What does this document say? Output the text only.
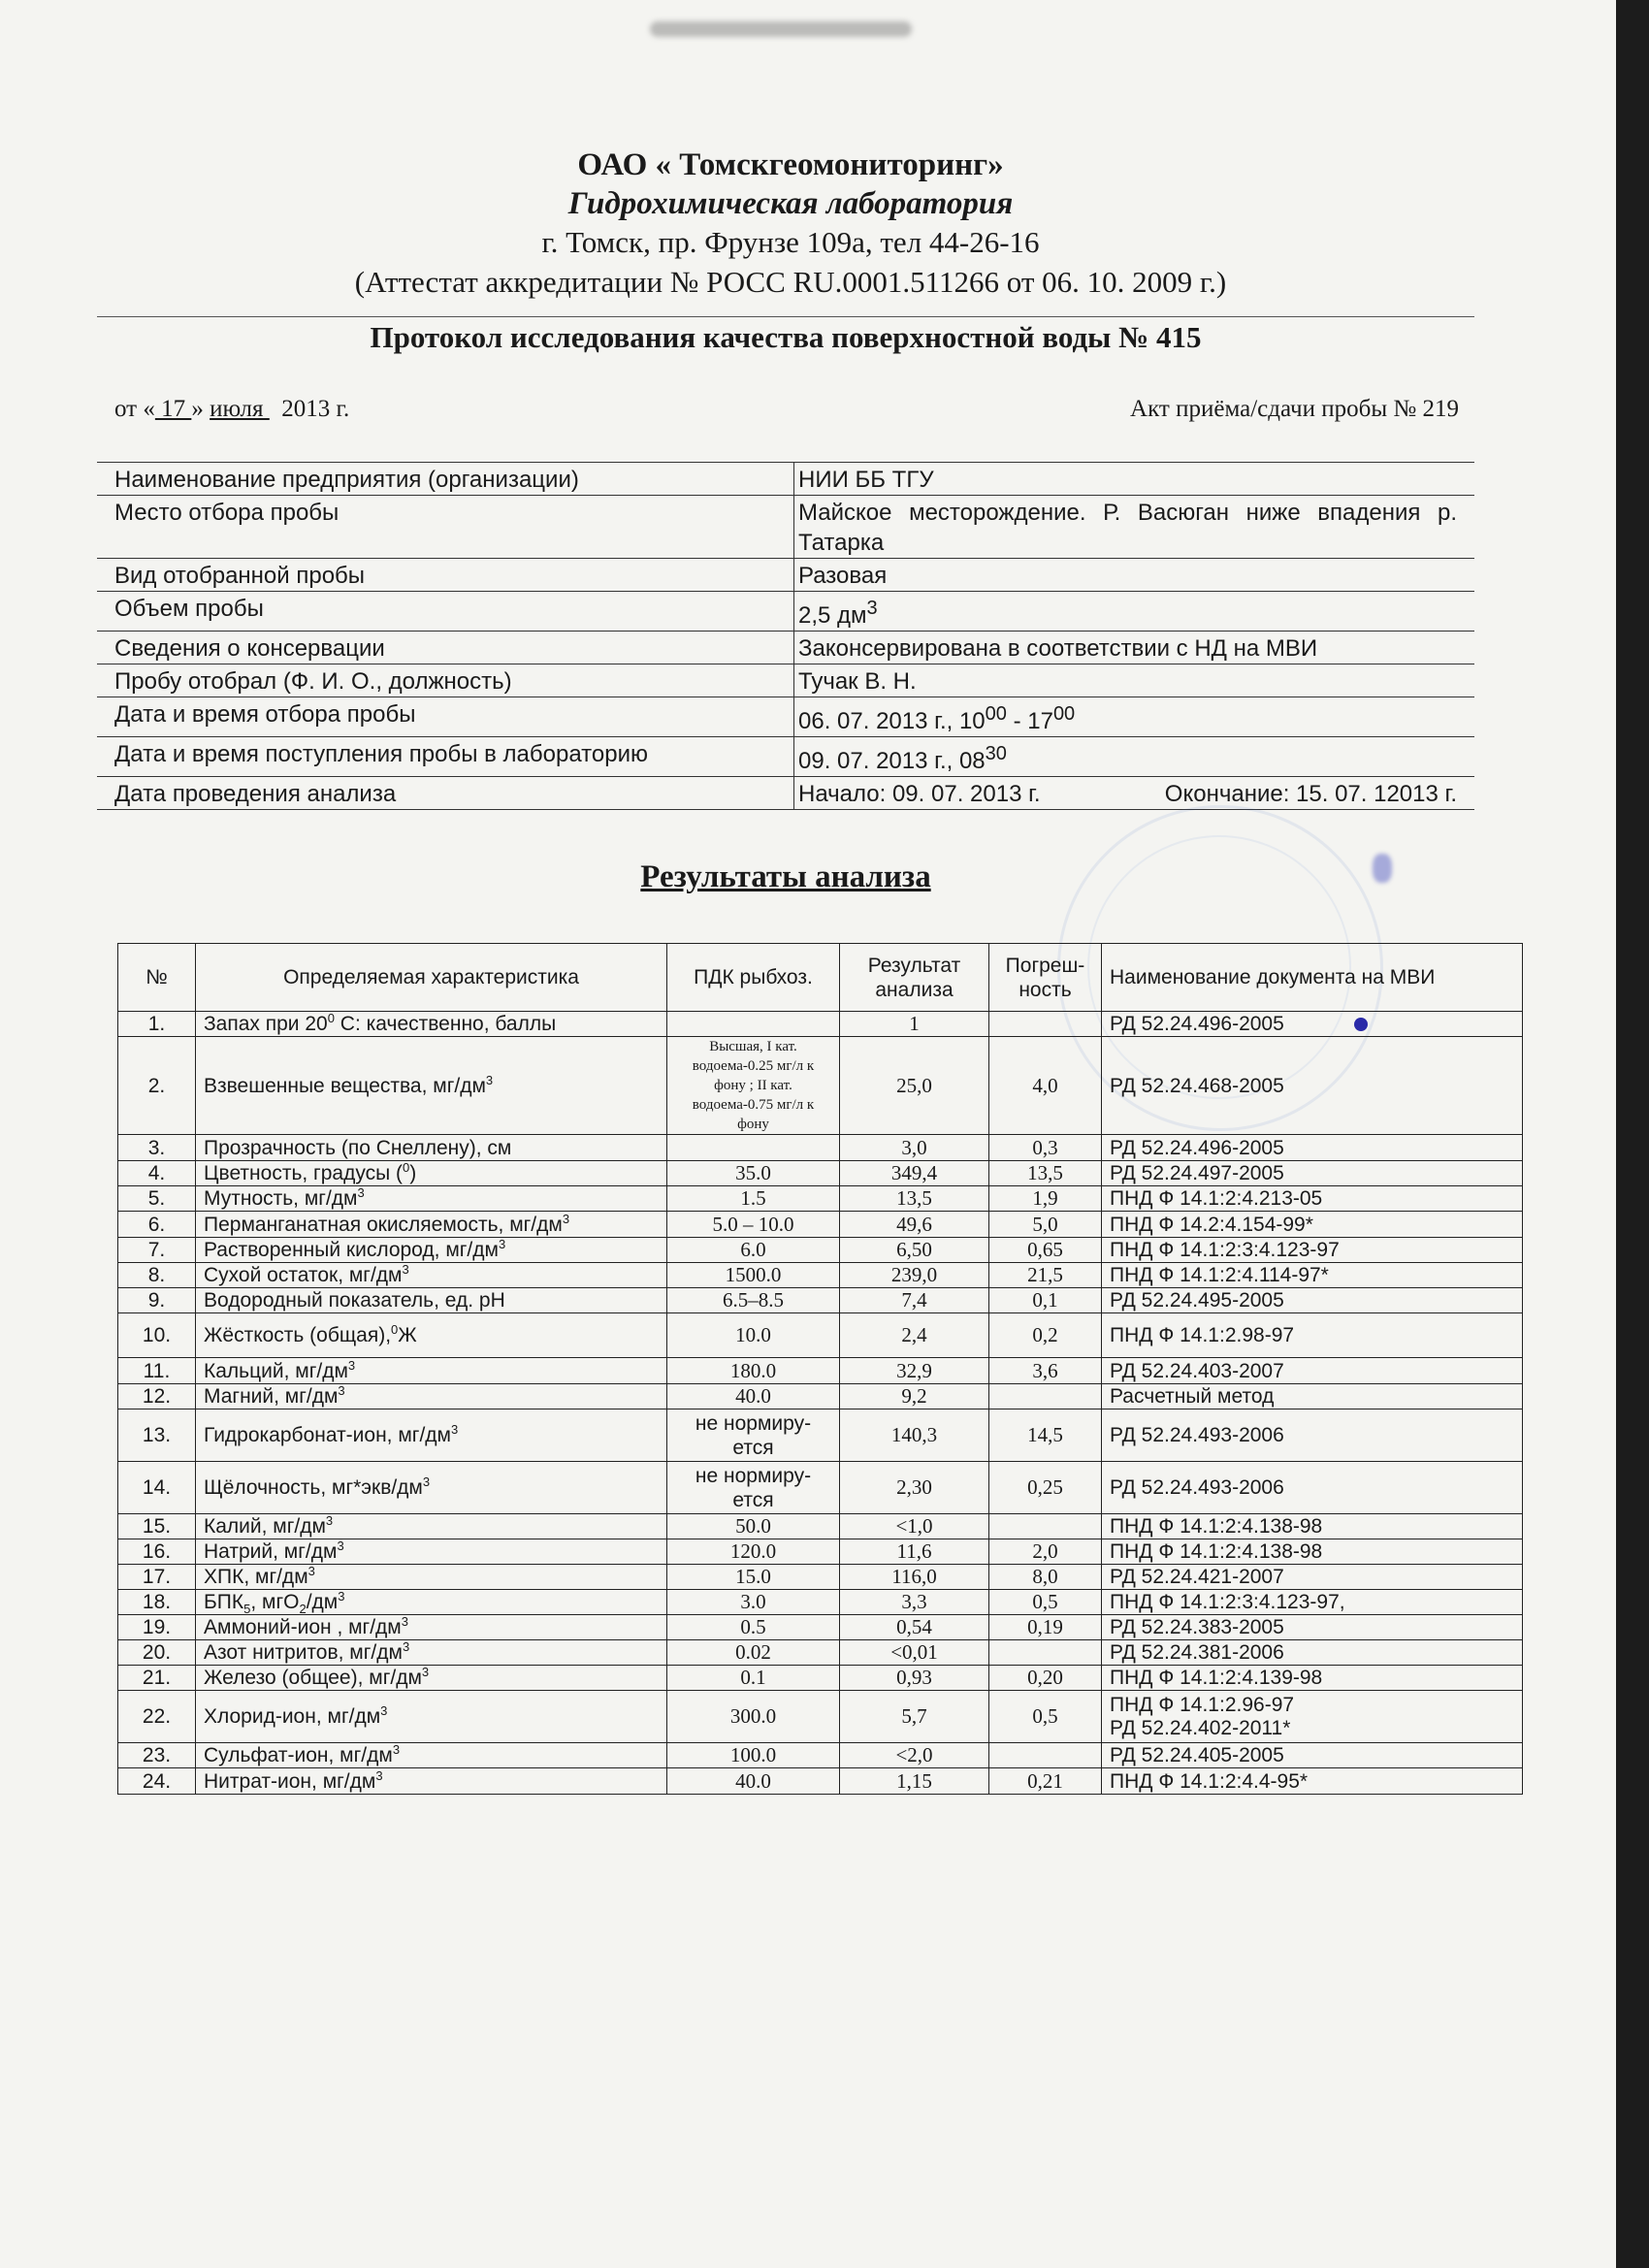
ОАО « Томскгеомониторинг»
Гидрохимическая лаборатория
г. Томск, пр. Фрунзе 109а, тел 44-26-16
(Аттестат аккредитации № РОСС RU.0001.511266 от 06. 10. 2009 г.)
Протокол исследования качества поверхностной воды № 415
от « 17 » июля   2013 г.	Акт приёма/сдачи пробы № 219
Наименование предприятия (организации)	НИИ ББ ТГУ
Место отбора пробы	Майское месторождение. Р. Васюган ниже впадения р. Татарка
Вид отобранной пробы	Разовая
Объем пробы	2,5 $дм^3$
Сведения о консервации	Законсервирована в соответствии с НД на МВИ
Пробу отобрал (Ф. И. О., должность)	Тучак В. Н.
Дата и время отбора пробы	06. 07. 2013 г., $10^{00} - 17^{00}$
Дата и время поступления пробы в лабораторию	09. 07. 2013 г., $08^{30}$
Дата проведения анализа	Начало: 09. 07. 2013 г. Окончание: 15. 07. 12013 г.
Результаты анализа
№	Определяемая характеристика	ПДК рыбхоз.	Результат анализа	Погреш-ность	Наименование документа на МВИ
1.	Запах при $20^0$ С: качественно, баллы		1		РД 52.24.496-2005
2.	Взвешенные вещества, $мг/дм^3$	Высшая, I кат. водоема-0.25 мг/л к фону ; II кат. водоема-0.75 мг/л к фону	25,0	4,0	РД 52.24.468-2005
3.	Прозрачность (по Снеллену), см		3,0	0,3	РД 52.24.496-2005
4.	Цветность, градусы ($^0$)	35.0	349,4	13,5	РД 52.24.497-2005
5.	Мутность, $мг/дм^3$	1.5	13,5	1,9	ПНД Ф 14.1:2:4.213-05
6.	Перманганатная окисляемость, $мг/дм^3$	5.0 – 10.0	49,6	5,0	ПНД Ф 14.2:4.154-99*
7.	Растворенный кислород, $мг/дм^3$	6.0	6,50	0,65	ПНД Ф 14.1:2:3:4.123-97
8.	Сухой остаток, $мг/дм^3$	1500.0	239,0	21,5	ПНД Ф 14.1:2:4.114-97*
9.	Водородный показатель, ед. рН	6.5–8.5	7,4	0,1	РД 52.24.495-2005
10.	Жёсткость (общая),$^0$Ж	10.0	2,4	0,2	ПНД Ф 14.1:2.98-97
11.	Кальций, $мг/дм^3$	180.0	32,9	3,6	РД 52.24.403-2007
12.	Магний, $мг/дм^3$	40.0	9,2		Расчетный метод
13.	Гидрокарбонат-ион, $мг/дм^3$	не нормиру-ется	140,3	14,5	РД 52.24.493-2006
14.	Щёлочность, $мг*экв/дм^3$	не нормиру-ется	2,30	0,25	РД 52.24.493-2006
15.	Калий, $мг/дм^3$	50.0	<1,0		ПНД Ф 14.1:2:4.138-98
16.	Натрий, $мг/дм^3$	120.0	11,6	2,0	ПНД Ф 14.1:2:4.138-98
17.	ХПК, $мг/дм^3$	15.0	116,0	8,0	РД 52.24.421-2007
18.	$БПК_5$, $мгО_2/дм^3$	3.0	3,3	0,5	ПНД Ф 14.1:2:3:4.123-97,
19.	Аммоний-ион , $мг/дм^3$	0.5	0,54	0,19	РД 52.24.383-2005
20.	Азот нитритов, $мг/дм^3$	0.02	<0,01		РД 52.24.381-2006
21.	Железо (общее), $мг/дм^3$	0.1	0,93	0,20	ПНД Ф 14.1:2:4.139-98
22.	Хлорид-ион, $мг/дм^3$	300.0	5,7	0,5	ПНД Ф 14.1:2.96-97
РД 52.24.402-2011*

23.	Сульфат-ион, $мг/дм^3$	100.0	<2,0		РД 52.24.405-2005
24.	Нитрат-ион, $мг/дм^3$	40.0	1,15	0,21	ПНД Ф 14.1:2:4.4-95*
